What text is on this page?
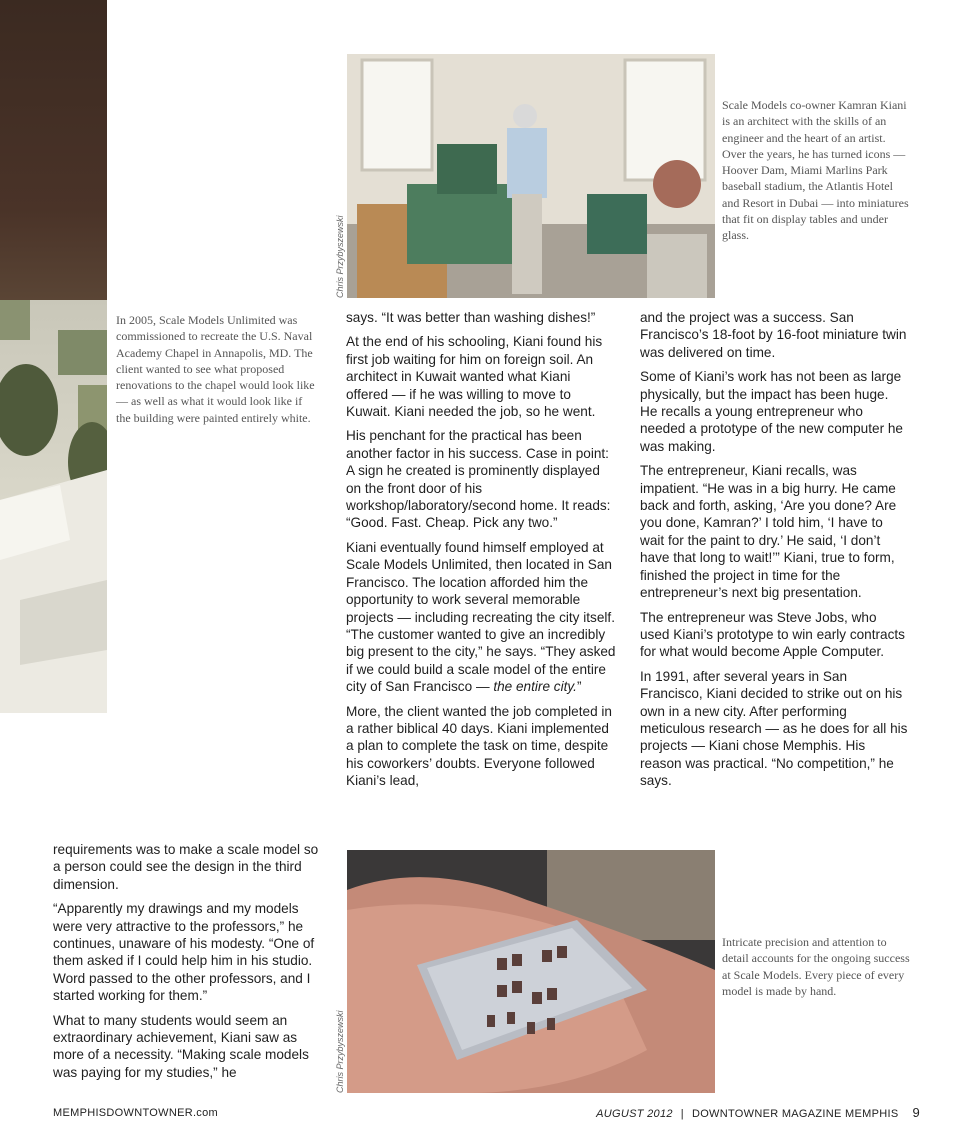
In 2005, Scale Models Unlimited was commissioned to recreate the U.S. Naval Academy Chapel in Annapolis, MD. The client wanted to see what proposed renovations to the chapel would look like — as well as what it would look like if the building were painted entirely white.
Chris Przybyszewski
Scale Models co-owner Kamran Kiani is an architect with the skills of an engineer and the heart of an artist. Over the years, he has turned icons — Hoover Dam, Miami Marlins Park baseball stadium, the Atlantis Hotel and Resort in Dubai — into miniatures that fit on display tables and under glass.

says. “It was better than washing dishes!”

At the end of his schooling, Kiani found his first job waiting for him on foreign soil. An architect in Kuwait wanted what Kiani offered — if he was willing to move to Kuwait. Kiani needed the job, so he went.

His penchant for the practical has been another factor in his success. Case in point: A sign he created is prominently displayed on the front door of his workshop/laboratory/second home. It reads: “Good. Fast. Cheap. Pick any two.”

Kiani eventually found himself employed at Scale Models Unlimited, then located in San Francisco. The location afforded him the opportunity to work several memorable projects — including recreating the city itself. “The customer wanted to give an incredibly big present to the city,” he says. “They asked if we could build a scale model of the entire city of San Francisco — the entire city.”

More, the client wanted the job completed in a rather biblical 40 days. Kiani implemented a plan to complete the task on time, despite his coworkers’ doubts. Everyone followed Kiani’s lead,

and the project was a success. San Francisco’s 18-foot by 16-foot miniature twin was delivered on time.

Some of Kiani’s work has not been as large physically, but the impact has been huge. He recalls a young entrepreneur who needed a prototype of the new computer he was making.

The entrepreneur, Kiani recalls, was impatient. “He was in a big hurry. He came back and forth, asking, ‘Are you done? Are you done, Kamran?’ I told him, ‘I have to wait for the paint to dry.’ He said, ‘I don’t have that long to wait!’” Kiani, true to form, finished the project in time for the entrepreneur’s next big presentation.

The entrepreneur was Steve Jobs, who used Kiani’s prototype to win early contracts for what would become Apple Computer.

In 1991, after several years in San Francisco, Kiani decided to strike out on his own in a new city. After performing meticulous research — as he does for all his projects — Kiani chose Memphis. His reason was practical. “No competition,” he says.

requirements was to make a scale model so a person could see the design in the third dimension.

“Apparently my drawings and my models were very attractive to the professors,” he continues, unaware of his modesty. “One of them asked if I could help him in his studio. Word passed to the other professors, and I started working for them.”

What to many students would seem an extraordinary achievement, Kiani saw as more of a necessity. “Making scale models was paying for my studies,” he	Chris Przybyszewski
Intricate precision and attention to detail accounts for the ongoing success at Scale Models. Every piece of every model is made by hand.
MEMPHISDOWNTOWNER.com	AUGUST 2012 | DOWNTOWNER MAGAZINE MEMPHIS 9
